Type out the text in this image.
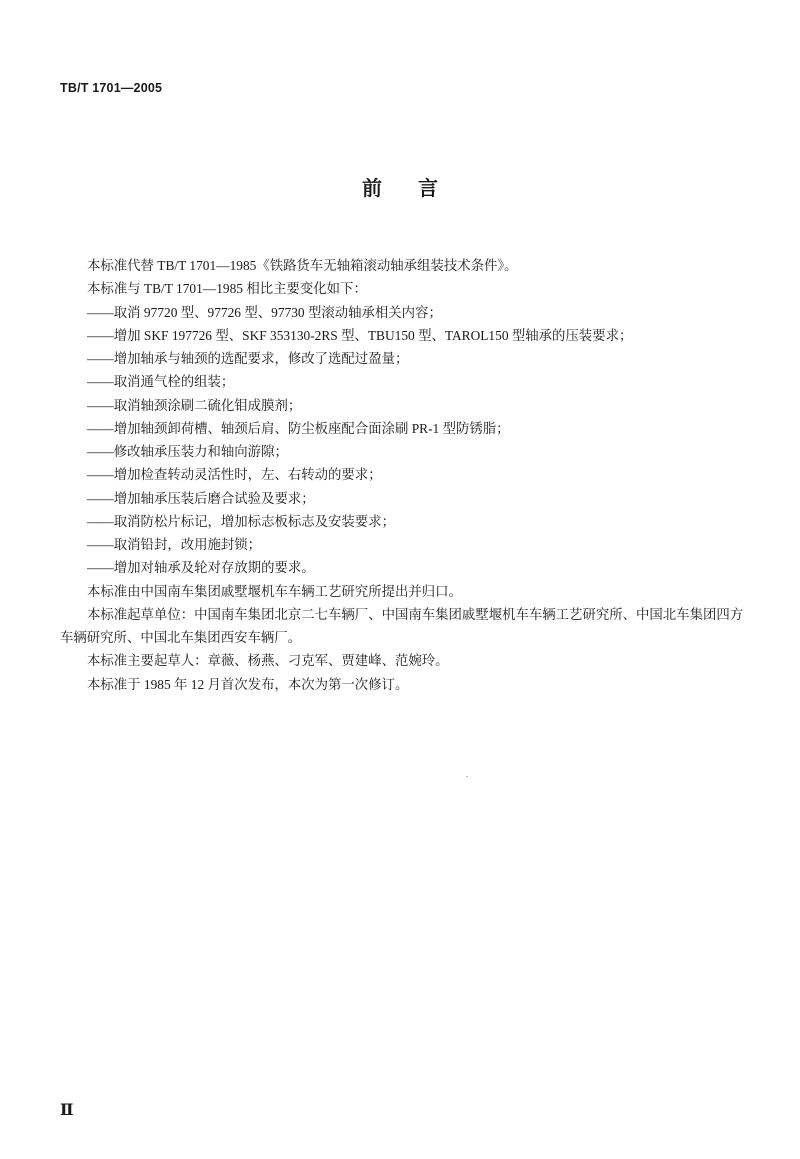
TB/T 1701—2005
前 言

本标准代替 TB/T 1701—1985《铁路货车无轴箱滚动轴承组装技术条件》。

本标准与 TB/T 1701—1985 相比主要变化如下：

——取消 97720 型、97726 型、97730 型滚动轴承相关内容；

——增加 SKF 197726 型、SKF 353130-2RS 型、TBU150 型、TAROL150 型轴承的压装要求；

——增加轴承与轴颈的选配要求，修改了选配过盈量；

——取消通气栓的组装；

——取消轴颈涂刷二硫化钼成膜剂；

——增加轴颈卸荷槽、轴颈后肩、防尘板座配合面涂刷 PR-1 型防锈脂；

——修改轴承压装力和轴向游隙；

——增加检查转动灵活性时，左、右转动的要求；

——增加轴承压装后磨合试验及要求；

——取消防松片标记，增加标志板标志及安装要求；

——取消铅封，改用施封锁；

——增加对轴承及轮对存放期的要求。

本标准由中国南车集团戚墅堰机车车辆工艺研究所提出并归口。

本标准起草单位：中国南车集团北京二七车辆厂、中国南车集团戚墅堰机车车辆工艺研究所、中国北车集团四方车辆研究所、中国北车集团西安车辆厂。

本标准主要起草人：章薇、杨燕、刁克军、贾建峰、范婉玲。

本标准于 1985 年 12 月首次发布，本次为第一次修订。

Ⅱ
